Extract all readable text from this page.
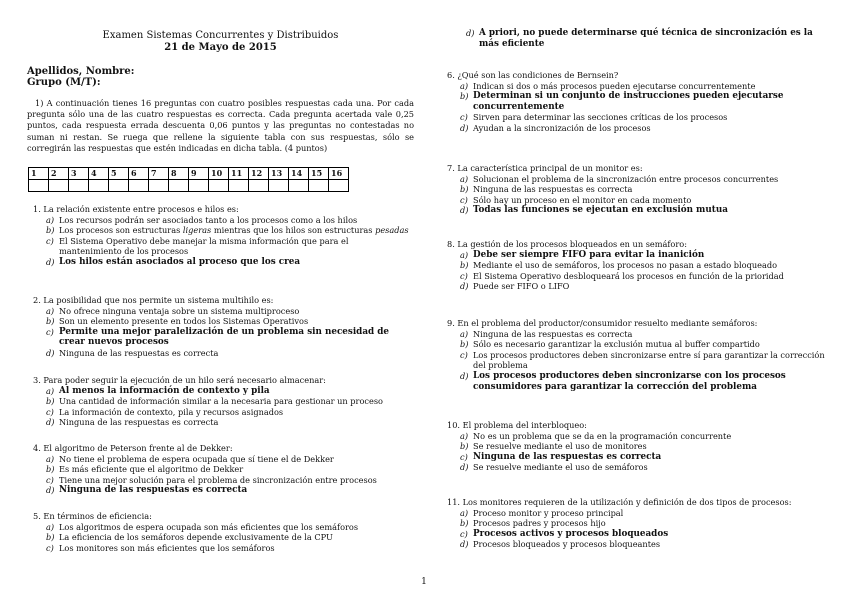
Examen Sistemas Concurrentes y Distribuidos
21 de Mayo de 2015
Apellidos, Nombre:
Grupo (M/T):
1) A continuación tienes 16 preguntas con cuatro posibles respuestas cada una. Por cada pregunta sólo una de las cuatro respuestas es correcta. Cada pregunta acertada vale 0,25 puntos, cada respuesta errada descuenta 0,06 puntos y las preguntas no contestadas no suman ni restan. Se ruega que rellene la siguiente tabla con sus respuestas, sólo se corregirán las respuestas que estén indicadas en dicha tabla. (4 puntos)
1	2	3	4	5	6	7	8	9	10	11	12	13	14	15	16

1. La relación existente entre procesos e hilos es:
a) Los recursos podrán ser asociados tanto a los procesos como a los hilos
b) Los procesos son estructuras ligeras mientras que los hilos son estructuras pesadas
c) El Sistema Operativo debe manejar la misma información que para el mantenimiento de los procesos
d) Los hilos están asociados al proceso que los crea
2. La posibilidad que nos permite un sistema multihilo es:
a) No ofrece ninguna ventaja sobre un sistema multiproceso
b) Son un elemento presente en todos los Sistemas Operativos
c) Permite una mejor paralelización de un problema sin necesidad de crear nuevos procesos
d) Ninguna de las respuestas es correcta
3. Para poder seguir la ejecución de un hilo será necesario almacenar:
a) Al menos la información de contexto y pila
b) Una cantidad de información similar a la necesaria para gestionar un proceso
c) La información de contexto, pila y recursos asignados
d) Ninguna de las respuestas es correcta
4. El algoritmo de Peterson frente al de Dekker:
a) No tiene el problema de espera ocupada que sí tiene el de Dekker
b) Es más eficiente que el algoritmo de Dekker
c) Tiene una mejor solución para el problema de sincronización entre procesos
d) Ninguna de las respuestas es correcta
5. En términos de eficiencia:
a) Los algoritmos de espera ocupada son más eficientes que los semáforos
b) La eficiencia de los semáforos depende exclusivamente de la CPU
c) Los monitores son más eficientes que los semáforos
d) A priori, no puede determinarse qué técnica de sincronización es la más eficiente
6. ¿Qué son las condiciones de Bernsein?
a) Indican si dos o más procesos pueden ejecutarse concurrentemente
b) Determinan si un conjunto de instrucciones pueden ejecutarse concurrentemente
c) Sirven para determinar las secciones críticas de los procesos
d) Ayudan a la sincronización de los procesos
7. La característica principal de un monitor es:
a) Solucionan el problema de la sincronización entre procesos concurrentes
b) Ninguna de las respuestas es correcta
c) Sólo hay un proceso en el monitor en cada momento
d) Todas las funciones se ejecutan en exclusión mutua
8. La gestión de los procesos bloqueados en un semáforo:
a) Debe ser siempre FIFO para evitar la inanición
b) Mediante el uso de semáforos, los procesos no pasan a estado bloqueado
c) El Sistema Operativo desbloqueará los procesos en función de la prioridad
d) Puede ser FIFO o LIFO
9. En el problema del productor/consumidor resuelto mediante semáforos:
a) Ninguna de las respuestas es correcta
b) Sólo es necesario garantizar la exclusión mutua al buffer compartido
c) Los procesos productores deben sincronizarse entre sí para garantizar la corrección del problema
d) Los procesos productores deben sincronizarse con los procesos consumidores para garantizar la corrección del problema
10. El problema del interbloqueo:
a) No es un problema que se da en la programación concurrente
b) Se resuelve mediante el uso de monitores
c) Ninguna de las respuestas es correcta
d) Se resuelve mediante el uso de semáforos
11. Los monitores requieren de la utilización y definición de dos tipos de procesos:
a) Proceso monitor y proceso principal
b) Procesos padres y procesos hijo
c) Procesos activos y procesos bloqueados
d) Procesos bloqueados y procesos bloqueantes
1
